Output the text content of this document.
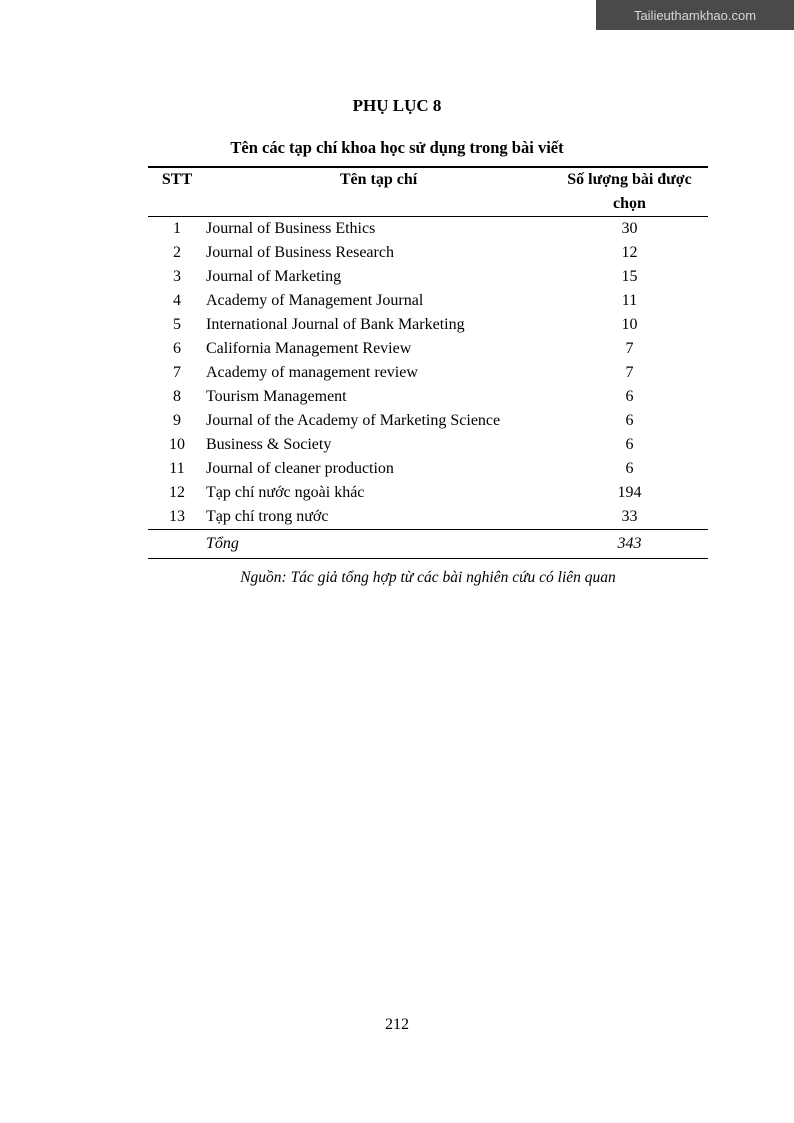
Tailieuthamkhao.com
PHỤ LỤC 8
Tên các tạp chí khoa học sử dụng trong bài viết
STT	Tên tạp chí	Số lượng bài được chọn
1	Journal of Business Ethics	30
2	Journal of Business Research	12
3	Journal of Marketing	15
4	Academy of Management Journal	11
5	International Journal of Bank Marketing	10
6	California Management Review	7
7	Academy of management review	7
8	Tourism Management	6
9	Journal of the Academy of Marketing Science	6
10	Business & Society	6
11	Journal of cleaner production	6
12	Tạp chí nước ngoài khác	194
13	Tạp chí trong nước	33
	Tổng	343

Nguồn: Tác giả tổng hợp từ các bài nghiên cứu có liên quan

212
